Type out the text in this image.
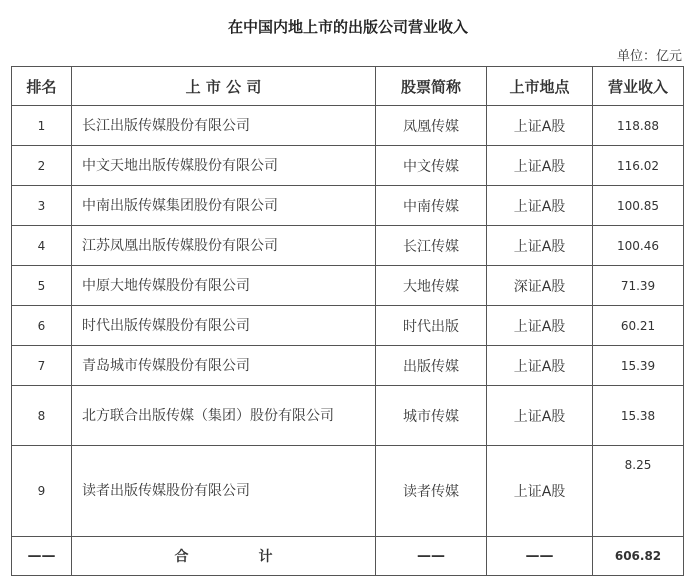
在中国内地上市的出版公司营业收入
单位：亿元
排名	上 市 公 司	股票简称	上市地点	营业收入
1	长江出版传媒股份有限公司	凤凰传媒	上证A股	118.88
2	中文天地出版传媒股份有限公司	中文传媒	上证A股	116.02
3	中南出版传媒集团股份有限公司	中南传媒	上证A股	100.85
4	江苏凤凰出版传媒股份有限公司	长江传媒	上证A股	100.46
5	中原大地传媒股份有限公司	大地传媒	深证A股	71.39
6	时代出版传媒股份有限公司	时代出版	上证A股	60.21
7	青岛城市传媒股份有限公司	出版传媒	上证A股	15.39
8	北方联合出版传媒（集团）股份有限公司	城市传媒	上证A股	15.38
9	读者出版传媒股份有限公司	读者传媒	上证A股	8.25
——	合计	——	——	606.82
